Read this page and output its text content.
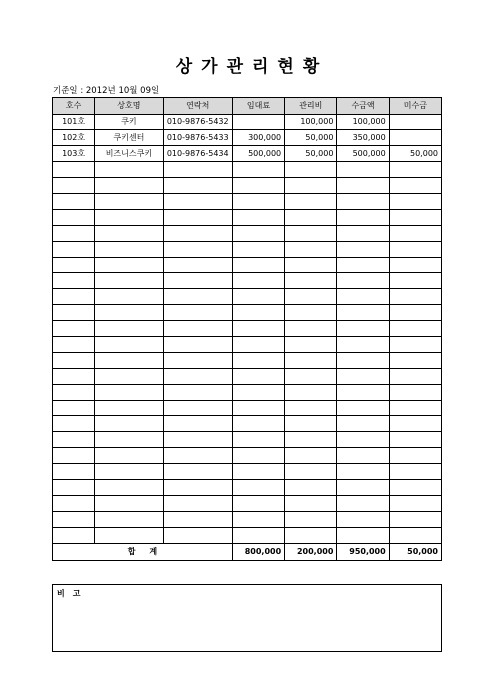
상가관리현황
기준일 : 2012년 10월 09일
호수	상호명	연락처	임대료	관리비	수금액	미수금
101호	쿠키	010-9876-5432		100,000	100,000	
102호	쿠키센터	010-9876-5433	300,000	50,000	350,000	
103호	비즈니스쿠키	010-9876-5434	500,000	50,000	500,000	50,000

합계			800,000	200,000	950,000	50,000
비고
